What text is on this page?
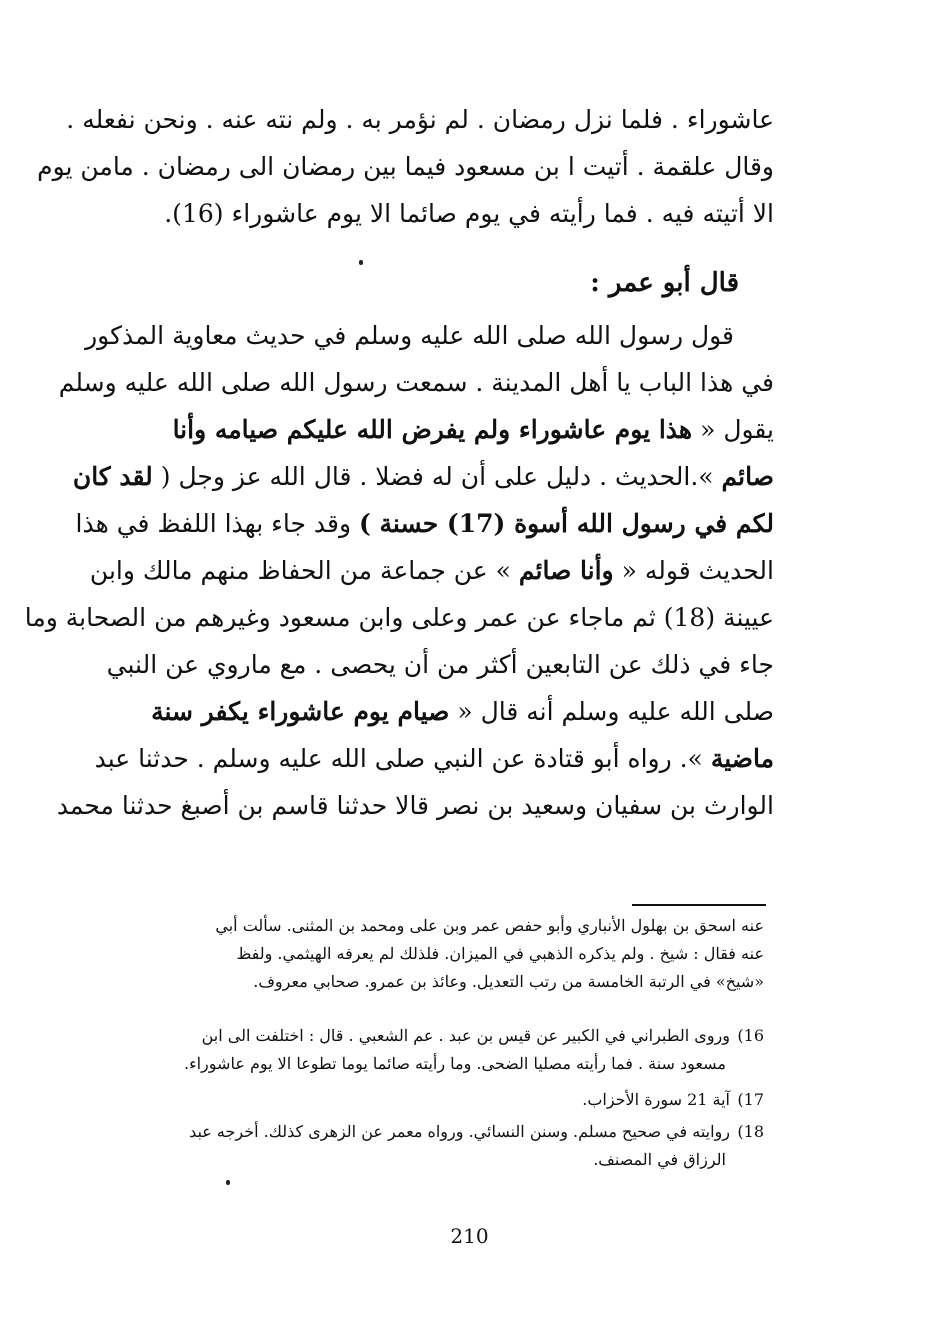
عاشوراء . فلما نزل رمضان . لم نؤمر به . ولم نته عنه . ونحن نفعله .
وقال علقمة . أتيت ا بن مسعود فيما بين رمضان الى رمضان . مامن يوم
الا أتيته فيه . فما رأيته في يوم صائما الا يوم عاشوراء (16).
قال أبو عمر :
قول رسول الله صلى الله عليه وسلم في حديث معاوية المذكور
في هذا الباب يا أهل المدينة . سمعت رسول الله صلى الله عليه وسلم
يقول « هذا يوم عاشوراء ولم يفرض الله عليكم صيامه وأنا
صائم ».الحديث . دليل على أن له فضلا . قال الله عز وجل ( لقد كان
لكم في رسول الله أسوة (17) حسنة ) وقد جاء بهذا اللفظ في هذا
الحديث قوله « وأنا صائم » عن جماعة من الحفاظ منهم مالك وابن
عيينة (18) ثم ماجاء عن عمر وعلى وابن مسعود وغيرهم من الصحابة وما
جاء في ذلك عن التابعين أكثر من أن يحصى . مع ماروي عن النبي
صلى الله عليه وسلم أنه قال « صيام يوم عاشوراء يكفر سنة
ماضية ». رواه أبو قتادة عن النبي صلى الله عليه وسلم . حدثنا عبد
الوارث بن سفيان وسعيد بن نصر قالا حدثنا قاسم بن أصبغ حدثنا محمد
عنه اسحق بن بهلول الأنباري وأبو حفص عمر وبن على ومحمد بن المثنى. سألت أبي
عنه فقال : شيخ . ولم يذكره الذهبي في الميزان. فلذلك لم يعرفه الهيثمي. ولفظ
«شيخ» في الرتبة الخامسة من رتب التعديل. وعائذ بن عمرو. صحابي معروف.
16)وروى الطبراني في الكبير عن قيس بن عبد . عم الشعبي . قال : اختلفت الى ابن
مسعود سنة . فما رأيته مصليا الضحى. وما رأيته صائما يوما تطوعا الا يوم عاشوراء.
17)آية 21 سورة الأحزاب.
18)روايته في صحيح مسلم. وسنن النسائي. ورواه معمر عن الزهرى كذلك. أخرجه عبد
الرزاق في المصنف.
210
